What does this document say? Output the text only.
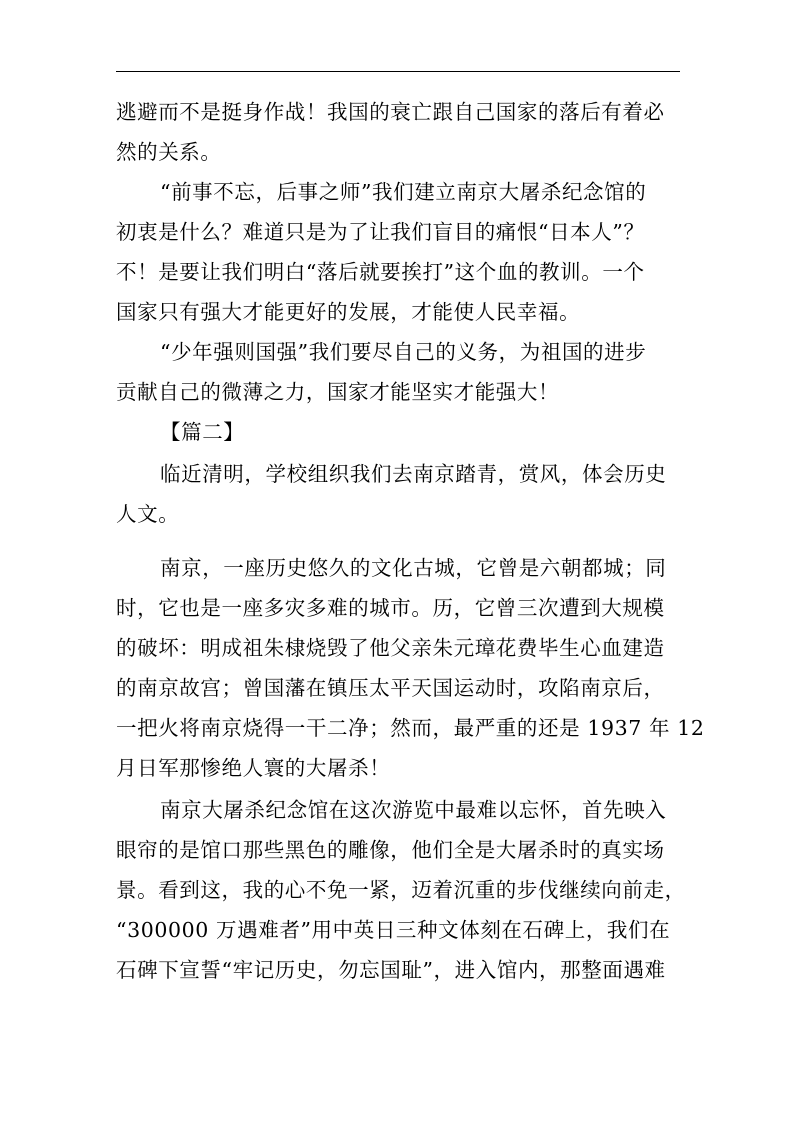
逃避而不是挺身作战！我国的衰亡跟自己国家的落后有着必
然的关系。
“前事不忘，后事之师”我们建立南京大屠杀纪念馆的
初衷是什么？难道只是为了让我们盲目的痛恨“日本人”？
不！是要让我们明白“落后就要挨打”这个血的教训。一个
国家只有强大才能更好的发展，才能使人民幸福。
“少年强则国强”我们要尽自己的义务，为祖国的进步
贡献自己的微薄之力，国家才能坚实才能强大！
【篇二】
临近清明，学校组织我们去南京踏青，赏风，体会历史
人文。
南京，一座历史悠久的文化古城，它曾是六朝都城；同
时，它也是一座多灾多难的城市。历，它曾三次遭到大规模
的破坏：明成祖朱棣烧毁了他父亲朱元璋花费毕生心血建造
的南京故宫；曾国藩在镇压太平天国运动时，攻陷南京后，
一把火将南京烧得一干二净；然而，最严重的还是 1937 年 12
月日军那惨绝人寰的大屠杀！
南京大屠杀纪念馆在这次游览中最难以忘怀，首先映入
眼帘的是馆口那些黑色的雕像，他们全是大屠杀时的真实场
景。看到这，我的心不免一紧，迈着沉重的步伐继续向前走，
“300000 万遇难者”用中英日三种文体刻在石碑上，我们在
石碑下宣誓“牢记历史，勿忘国耻”，进入馆内，那整面遇难
